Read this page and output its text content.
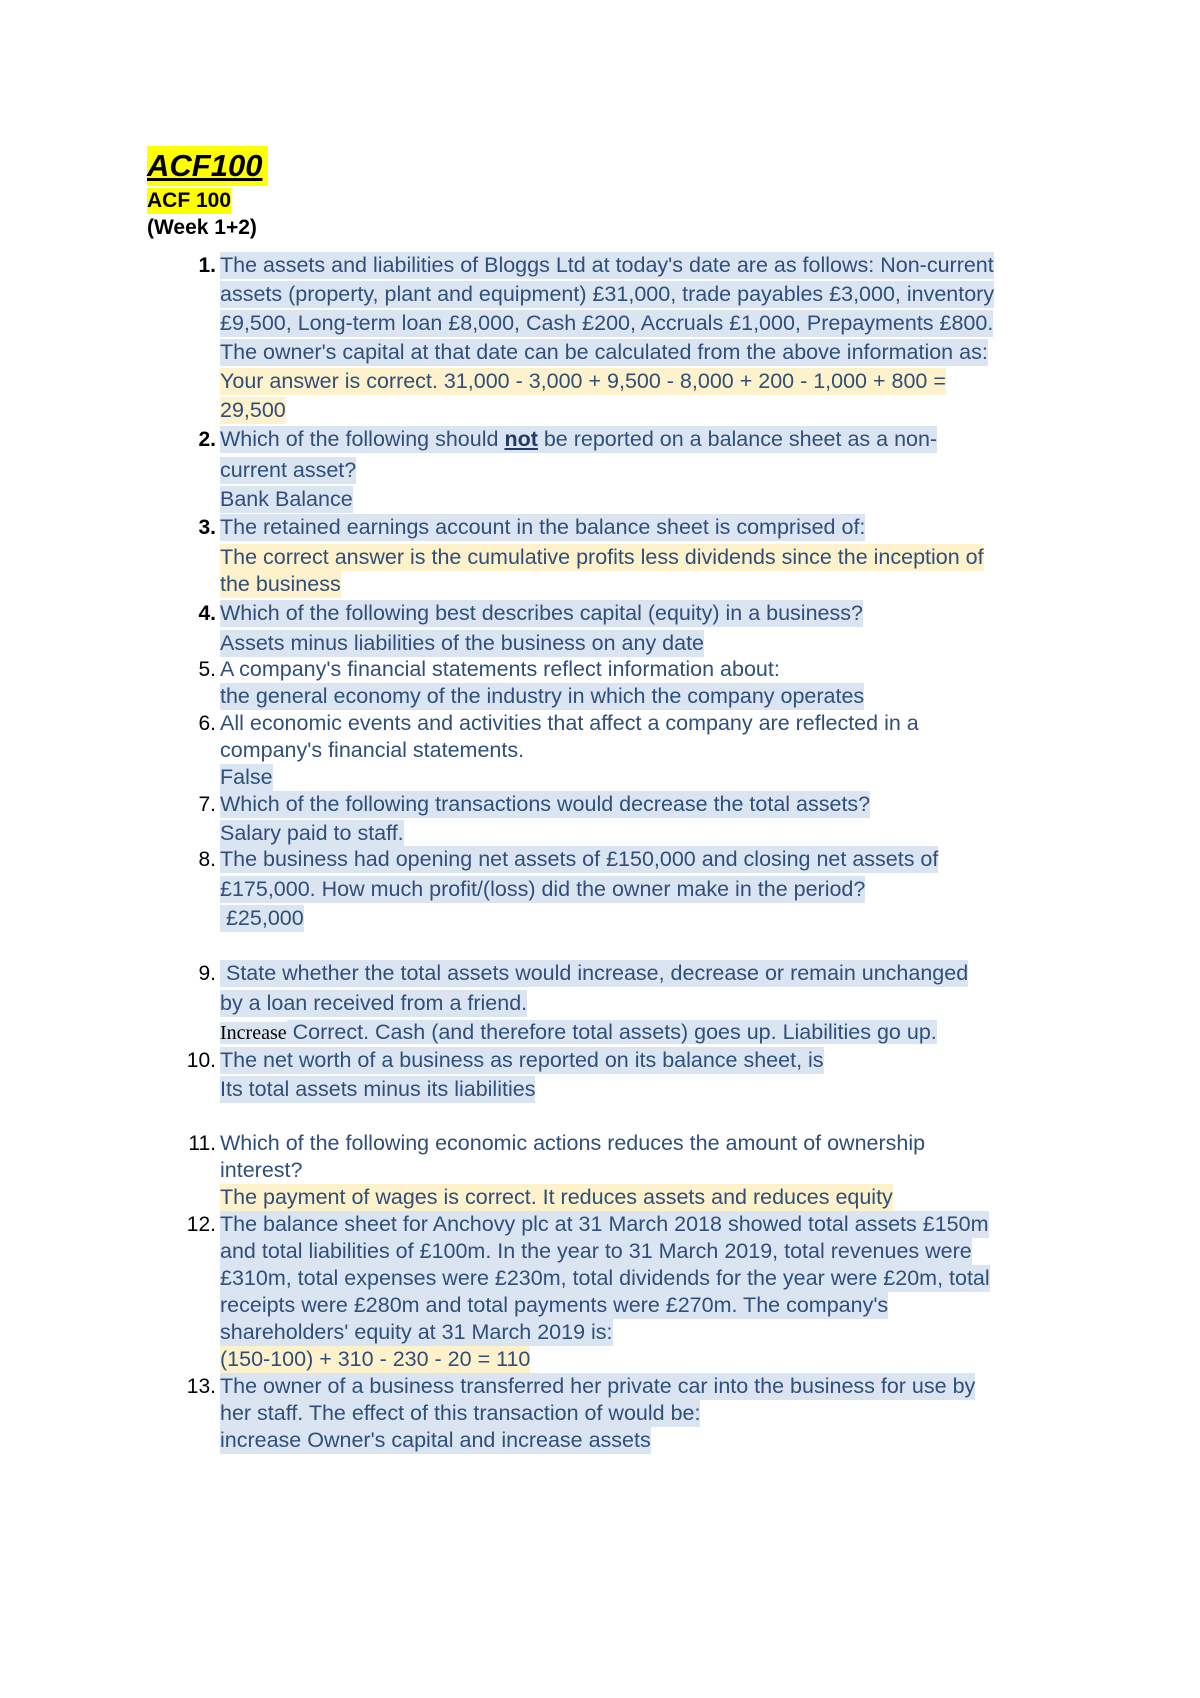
ACF100
ACF 100
(Week 1+2)
1. The assets and liabilities of Bloggs Ltd at today's date are as follows: Non-current
assets (property, plant and equipment) £31,000, trade payables £3,000, inventory
£9,500, Long-term loan £8,000, Cash £200, Accruals £1,000, Prepayments £800.
The owner's capital at that date can be calculated from the above information as:
Your answer is correct. 31,000 - 3,000 + 9,500 - 8,000 + 200 - 1,000 + 800 =
29,500
2. Which of the following should not be reported on a balance sheet as a non-
current asset?
Bank Balance
3. The retained earnings account in the balance sheet is comprised of:
The correct answer is the cumulative profits less dividends since the inception of
the business
4. Which of the following best describes capital (equity) in a business?
Assets minus liabilities of the business on any date
5. A company's financial statements reflect information about:
the general economy of the industry in which the company operates
6. All economic events and activities that affect a company are reflected in a
company's financial statements.
False
7. Which of the following transactions would decrease the total assets?
Salary paid to staff.
8. The business had opening net assets of £150,000 and closing net assets of
£175,000. How much profit/(loss) did the owner make in the period?
£25,000
9. State whether the total assets would increase, decrease or remain unchanged
by a loan received from a friend.
Increase Correct. Cash (and therefore total assets) goes up. Liabilities go up.
10. The net worth of a business as reported on its balance sheet, is
Its total assets minus its liabilities
11. Which of the following economic actions reduces the amount of ownership
interest?
The payment of wages is correct. It reduces assets and reduces equity
12. The balance sheet for Anchovy plc at 31 March 2018 showed total assets £150m
and total liabilities of £100m. In the year to 31 March 2019, total revenues were
£310m, total expenses were £230m, total dividends for the year were £20m, total
receipts were £280m and total payments were £270m. The company's
shareholders' equity at 31 March 2019 is:
(150-100) + 310 - 230 - 20 = 110
13. The owner of a business transferred her private car into the business for use by
her staff. The effect of this transaction of would be:
increase Owner's capital and increase assets
